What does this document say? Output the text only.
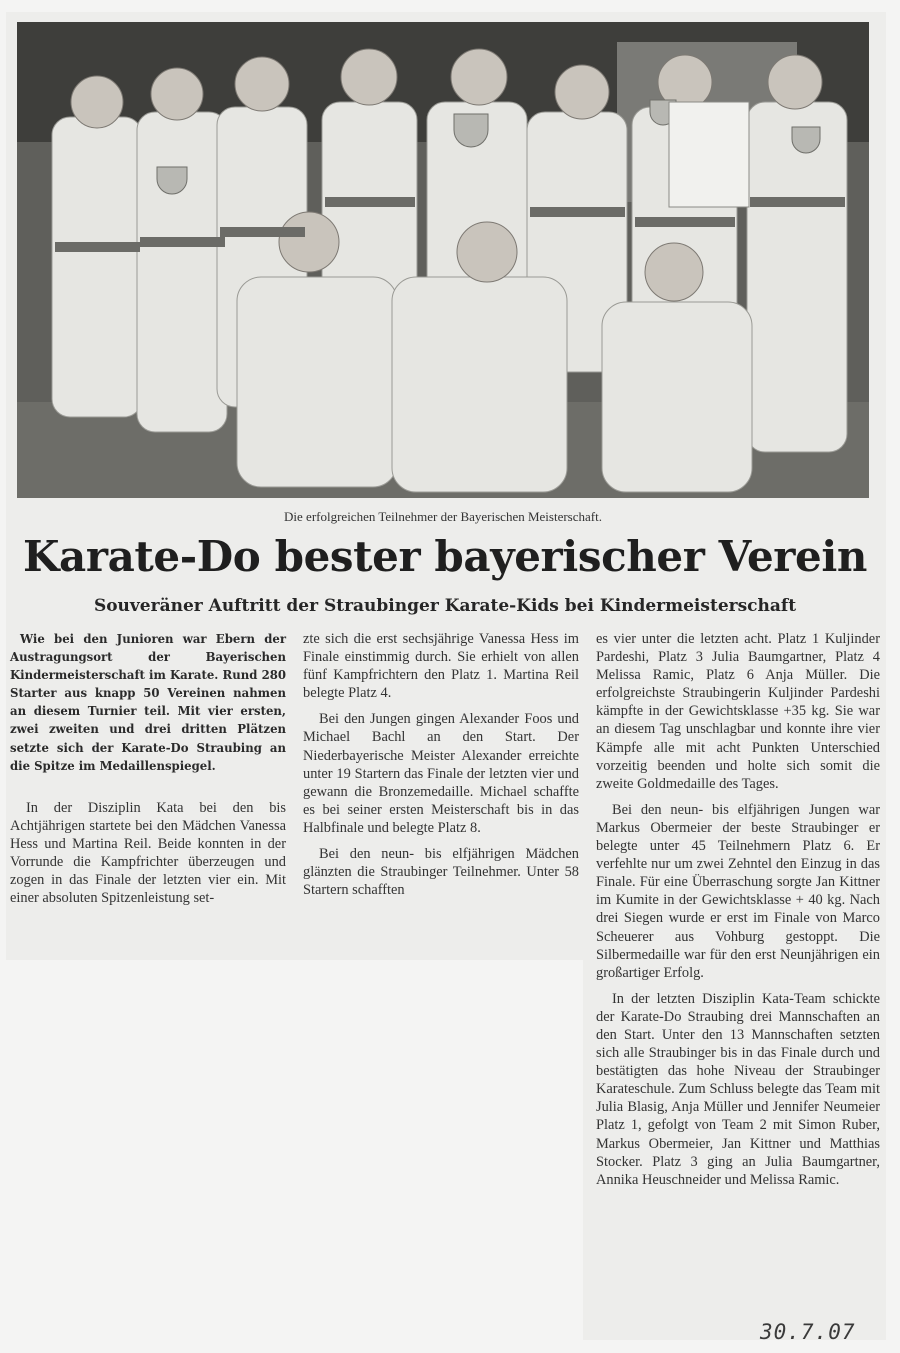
Die erfolgreichen Teilnehmer der Bayerischen Meisterschaft.
Karate-Do bester bayerischer Verein
Souveräner Auftritt der Straubinger Karate-Kids bei Kindermeisterschaft

Wie bei den Junioren war Ebern der Austragungsort der Bayerischen Kindermeisterschaft im Karate. Rund 280 Starter aus knapp 50 Vereinen nahmen an diesem Turnier teil. Mit vier ersten, zwei zweiten und drei dritten Plätzen setzte sich der Karate-Do Straubing an die Spitze im Medaillenspiegel.

In der Disziplin Kata bei den bis Achtjährigen startete bei den Mädchen Vanessa Hess und Martina Reil. Beide konnten in der Vorrunde die Kampfrichter überzeugen und zogen in das Finale der letzten vier ein. Mit einer absoluten Spitzenleistung set-

zte sich die erst sechsjährige Vanessa Hess im Finale einstimmig durch. Sie erhielt von allen fünf Kampfrichtern den Platz 1. Martina Reil belegte Platz 4.

Bei den Jungen gingen Alexander Foos und Michael Bachl an den Start. Der Niederbayerische Meister Alexander erreichte unter 19 Startern das Finale der letzten vier und gewann die Bronzemedaille. Michael schaffte es bei seiner ersten Meisterschaft bis in das Halbfinale und belegte Platz 8.

Bei den neun- bis elfjährigen Mädchen glänzten die Straubinger Teilnehmer. Unter 58 Startern schafften

es vier unter die letzten acht. Platz 1 Kuljinder Pardeshi, Platz 3 Julia Baumgartner, Platz 4 Melissa Ramic, Platz 6 Anja Müller. Die erfolgreichste Straubingerin Kuljinder Pardeshi kämpfte in der Gewichtsklasse +35 kg. Sie war an diesem Tag unschlagbar und konnte ihre vier Kämpfe alle mit acht Punkten Unterschied vorzeitig beenden und holte sich somit die zweite Goldmedaille des Tages.

Bei den neun- bis elfjährigen Jungen war Markus Obermeier der beste Straubinger er belegte unter 45 Teilnehmern Platz 6. Er verfehlte nur um zwei Zehntel den Einzug in das Finale. Für eine Überraschung sorgte Jan Kittner im Kumite in der Gewichtsklasse + 40 kg. Nach drei Siegen wurde er erst im Finale von Marco Scheuerer aus Vohburg gestoppt. Die Silbermedaille war für den erst Neunjährigen ein großartiger Erfolg.

In der letzten Disziplin Kata-Team schickte der Karate-Do Straubing drei Mannschaften an den Start. Unter den 13 Mannschaften setzten sich alle Straubinger bis in das Finale durch und bestätigten das hohe Niveau der Straubinger Karateschule. Zum Schluss belegte das Team mit Julia Blasig, Anja Müller und Jennifer Neumeier Platz 1, gefolgt von Team 2 mit Simon Ruber, Markus Obermeier, Jan Kittner und Matthias Stocker. Platz 3 ging an Julia Baumgartner, Annika Heuschneider und Melissa Ramic.

30.7.07
